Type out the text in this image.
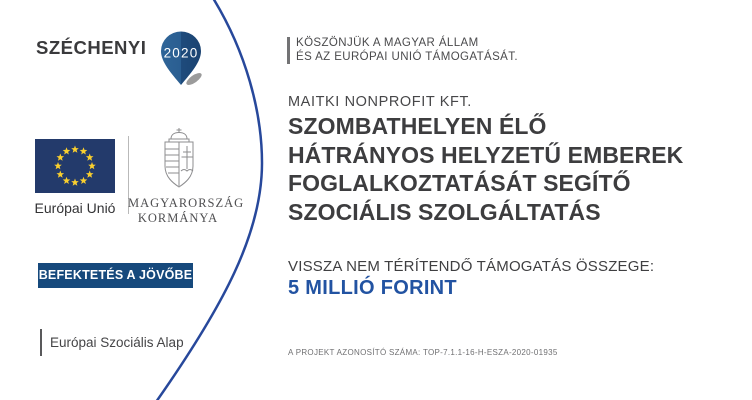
SZÉCHENYI 2020
Európai Unió	MAGYARORSZÁG
KORMÁNYA
BEFEKTETÉS A JÖVŐBE
Európai Szociális Alap
KÖSZÖNJÜK A MAGYAR ÁLLAM
ÉS AZ EURÓPAI UNIÓ TÁMOGATÁSÁT.
MAITKI NONPROFIT KFT.
SZOMBATHELYEN ÉLŐ
HÁTRÁNYOS HELYZETŰ EMBEREK
FOGLALKOZTATÁSÁT SEGÍTŐ
SZOCIÁLIS SZOLGÁLTATÁS
VISSZA NEM TÉRÍTENDŐ TÁMOGATÁS ÖSSZEGE:
5 MILLIÓ FORINT
A PROJEKT AZONOSÍTÓ SZÁMA: TOP-7.1.1-16-H-ESZA-2020-01935
